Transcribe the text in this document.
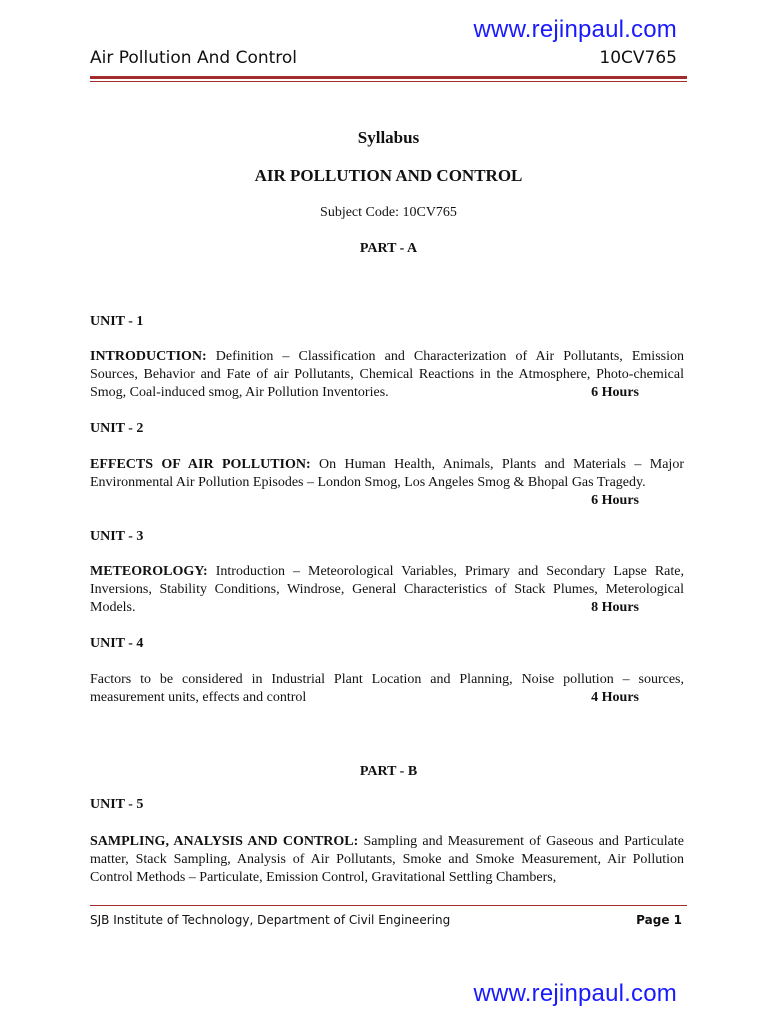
www.rejinpaul.com
Air Pollution And Control	10CV765
Syllabus
AIR POLLUTION AND CONTROL
Subject Code: 10CV765
PART - A
UNIT - 1
INTRODUCTION: Definition – Classification and Characterization of Air Pollutants, Emission Sources, Behavior and Fate of air Pollutants, Chemical Reactions in the Atmosphere, Photo-chemical Smog, Coal-induced smog, Air Pollution Inventories.	6 Hours
UNIT - 2
EFFECTS OF AIR POLLUTION: On Human Health, Animals, Plants and Materials – Major Environmental Air Pollution Episodes – London Smog, Los Angeles Smog & Bhopal Gas Tragedy.
6 Hours
UNIT - 3
METEOROLOGY: Introduction – Meteorological Variables, Primary and Secondary Lapse Rate, Inversions, Stability Conditions, Windrose, General Characteristics of Stack Plumes, Meterological Models.	8 Hours
UNIT - 4
Factors to be considered in Industrial Plant Location and Planning, Noise pollution – sources, measurement units, effects and control	4 Hours
PART - B
UNIT - 5
SAMPLING, ANALYSIS AND CONTROL: Sampling and Measurement of Gaseous and Particulate matter, Stack Sampling, Analysis of Air Pollutants, Smoke and Smoke Measurement, Air Pollution Control Methods – Particulate, Emission Control, Gravitational Settling Chambers,
SJB Institute of Technology, Department of Civil Engineering	Page 1
www.rejinpaul.com
